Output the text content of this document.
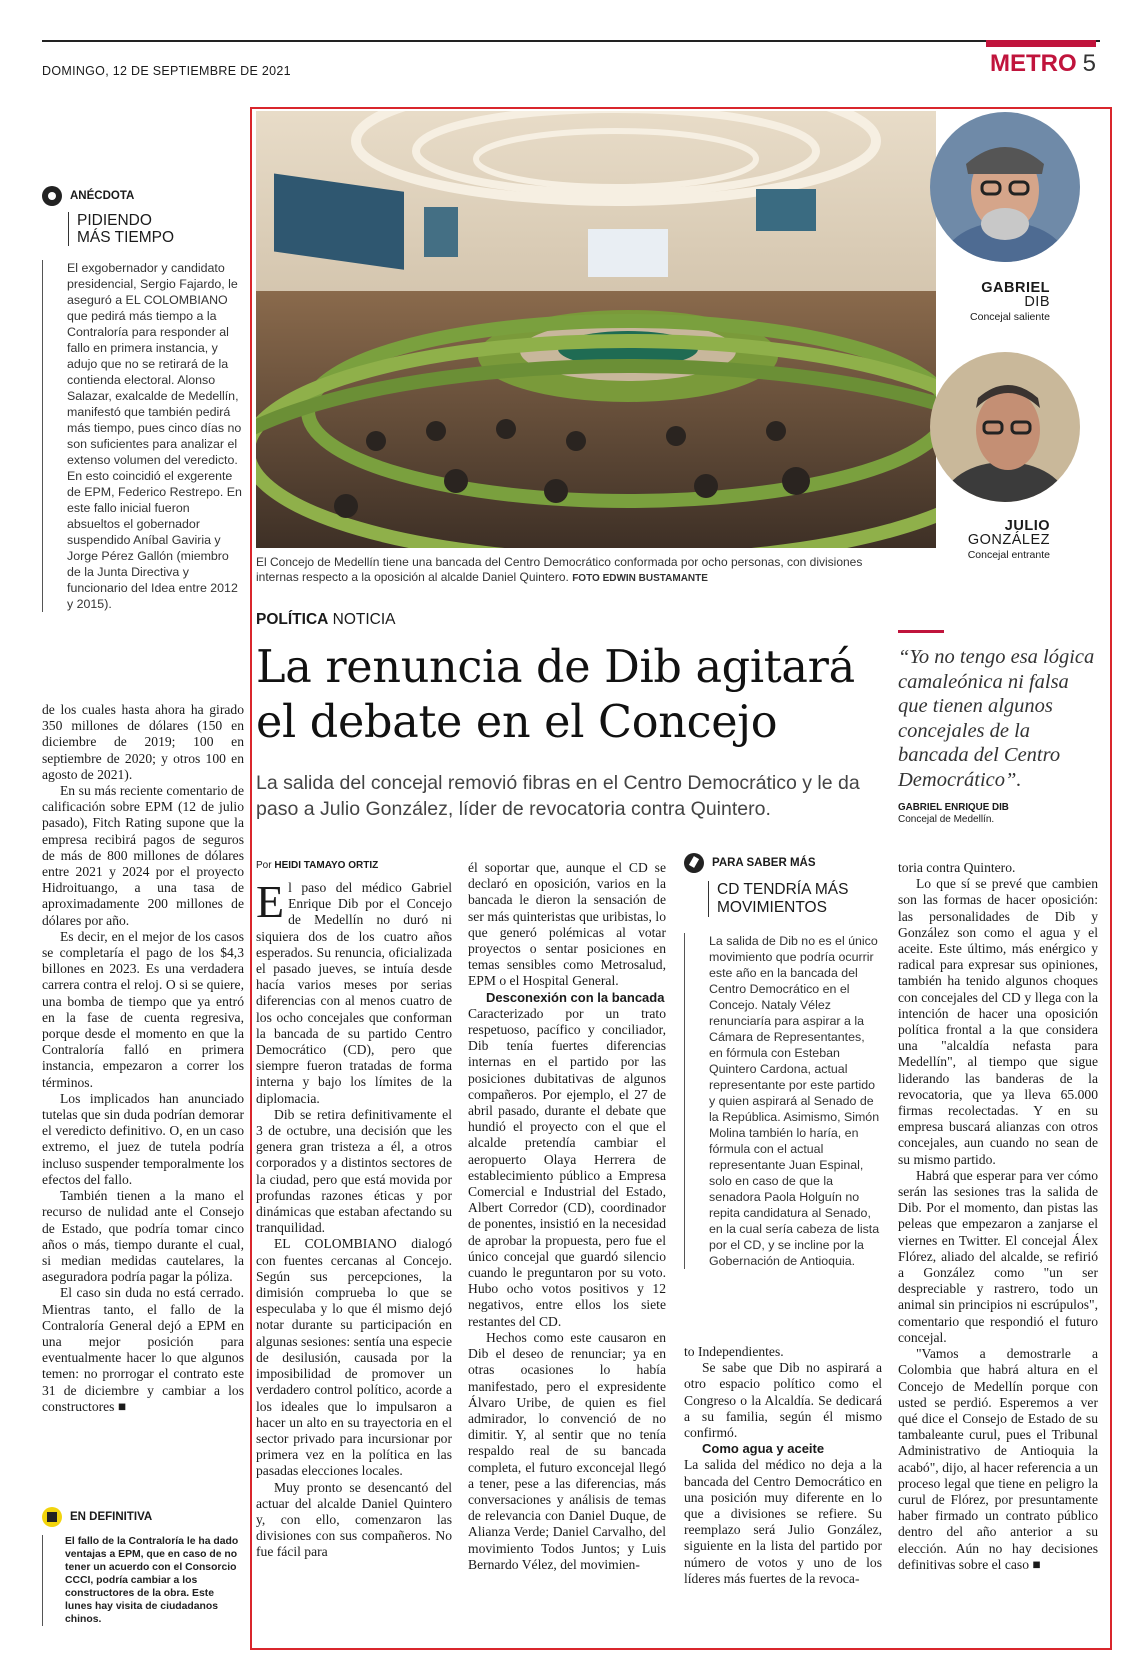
DOMINGO, 12 DE SEPTIEMBRE DE 2021	METRO 5
ANÉCDOTA
PIDIENDO
MÁS TIEMPO
El exgobernador y candidato presidencial, Sergio Fajardo, le aseguró a EL COLOMBIANO que pedirá más tiempo a la Contraloría para responder al fallo en primera instancia, y adujo que no se retirará de la contienda electoral. Alonso Salazar, exalcalde de Medellín, manifestó que también pedirá más tiempo, pues cinco días no son suficientes para analizar el extenso volumen del veredicto. En esto coincidió el exgerente de EPM, Federico Restrepo. En este fallo inicial fueron absueltos el gobernador suspendido Aníbal Gaviria y Jorge Pérez Gallón (miembro de la Junta Directiva y funcionario del Idea entre 2012 y 2015).

de los cuales hasta ahora ha girado 350 millones de dólares (150 en diciembre de 2019; 100 en septiembre de 2020; y otros 100 en agosto de 2021).

En su más reciente comentario de calificación sobre EPM (12 de julio pasado), Fitch Rating supone que la empresa recibirá pagos de seguros de más de 800 millones de dólares entre 2021 y 2024 por el proyecto Hidroituango, a una tasa de aproximadamente 200 millones de dólares por año.

Es decir, en el mejor de los casos se completaría el pago de los $4,3 billones en 2023. Es una verdadera carrera contra el reloj. O si se quiere, una bomba de tiempo que ya entró en la fase de cuenta regresiva, porque desde el momento en que la Contraloría falló en primera instancia, empezaron a correr los términos.

Los implicados han anunciado tutelas que sin duda podrían demorar el veredicto definitivo. O, en un caso extremo, el juez de tutela podría incluso suspender temporalmente los efectos del fallo.

También tienen a la mano el recurso de nulidad ante el Consejo de Estado, que podría tomar cinco años o más, tiempo durante el cual, si median medidas cautelares, la aseguradora podría pagar la póliza.

El caso sin duda no está cerrado. Mientras tanto, el fallo de la Contraloría General dejó a EPM en una mejor posición para eventualmente hacer lo que algunos temen: no prorrogar el contrato este 31 de diciembre y cambiar a los constructores ■

EN DEFINITIVA
El fallo de la Contraloría le ha dado ventajas a EPM, que en caso de no tener un acuerdo con el Consorcio CCCI, podría cambiar a los constructores de la obra. Este lunes hay visita de ciudadanos chinos.
El Concejo de Medellín tiene una bancada del Centro Democrático conformada por ocho personas, con divisiones internas respecto a la oposición al alcalde Daniel Quintero. FOTO EDWIN BUSTAMANTE
GABRIEL
DIB
Concejal saliente
JULIO
GONZÁLEZ
Concejal entrante
POLÍTICA NOTICIA
La renuncia de Dib agitará el debate en el Concejo
La salida del concejal removió fibras en el Centro Democrático y le da paso a Julio González, líder de revocatoria contra Quintero.
“Yo no tengo esa lógica camaleónica ni falsa que tienen algunos concejales de la bancada del Centro Democrático”.
GABRIEL ENRIQUE DIB
Concejal de Medellín.
Por HEIDI TAMAYO ORTIZ

El paso del médico Gabriel Enrique Dib por el Concejo de Medellín no duró ni siquiera dos de los cuatro años esperados. Su renuncia, oficializada el pasado jueves, se intuía desde hacía varios meses por serias diferencias con al menos cuatro de los ocho concejales que conforman la bancada de su partido Centro Democrático (CD), pero que siempre fueron tratadas de forma interna y bajo los límites de la diplomacia.

Dib se retira definitivamente el 3 de octubre, una decisión que les genera gran tristeza a él, a otros corporados y a distintos sectores de la ciudad, pero que está movida por profundas razones éticas y por dinámicas que estaban afectando su tranquilidad.

EL COLOMBIANO dialogó con fuentes cercanas al Concejo. Según sus percepciones, la dimisión comprueba lo que se especulaba y lo que él mismo dejó notar durante su participación en algunas sesiones: sentía una especie de desilusión, causada por la imposibilidad de promover un verdadero control político, acorde a los ideales que lo impulsaron a hacer un alto en su trayectoria en el sector privado para incursionar por primera vez en la política en las pasadas elecciones locales.

Muy pronto se desencantó del actuar del alcalde Daniel Quintero y, con ello, comenzaron las divisiones con sus compañeros. No fue fácil para

él soportar que, aunque el CD se declaró en oposición, varios en la bancada le dieron la sensación de ser más quinteristas que uribistas, lo que generó polémicas al votar proyectos o sentar posiciones en temas sensibles como Metrosalud, EPM o el Hospital General.

Desconexión con la bancada

Caracterizado por un trato respetuoso, pacífico y conciliador, Dib tenía fuertes diferencias internas en el partido por las posiciones dubitativas de algunos compañeros. Por ejemplo, el 27 de abril pasado, durante el debate que hundió el proyecto con el que el alcalde pretendía cambiar el aeropuerto Olaya Herrera de establecimiento público a Empresa Comercial e Industrial del Estado, Albert Corredor (CD), coordinador de ponentes, insistió en la necesidad de aprobar la propuesta, pero fue el único concejal que guardó silencio cuando le preguntaron por su voto. Hubo ocho votos positivos y 12 negativos, entre ellos los siete restantes del CD.

Hechos como este causaron en Dib el deseo de renunciar; ya en otras ocasiones lo había manifestado, pero el expresidente Álvaro Uribe, de quien es fiel admirador, lo convenció de no dimitir. Y, al sentir que no tenía respaldo real de su bancada completa, el futuro exconcejal llegó a tener, pese a las diferencias, más conversaciones y análisis de temas de relevancia con Daniel Duque, de Alianza Verde; Daniel Carvalho, del movimiento Todos Juntos; y Luis Bernardo Vélez, del movimien-

PARA SABER MÁS
CD TENDRÍA MÁS MOVIMIENTOS
La salida de Dib no es el único movimiento que podría ocurrir este año en la bancada del Centro Democrático en el Concejo. Nataly Vélez renunciaría para aspirar a la Cámara de Representantes, en fórmula con Esteban Quintero Cardona, actual representante por este partido y quien aspirará al Senado de la República. Asimismo, Simón Molina también lo haría, en fórmula con el actual representante Juan Espinal, solo en caso de que la senadora Paola Holguín no repita candidatura al Senado, en la cual sería cabeza de lista por el CD, y se incline por la Gobernación de Antioquia.

to Independientes.

Se sabe que Dib no aspirará a otro espacio político como el Congreso o la Alcaldía. Se dedicará a su familia, según él mismo confirmó.

Como agua y aceite

La salida del médico no deja a la bancada del Centro Democrático en una posición muy diferente en lo que a divisiones se refiere. Su reemplazo será Julio González, siguiente en la lista del partido por número de votos y uno de los líderes más fuertes de la revoca-

toria contra Quintero.

Lo que sí se prevé que cambien son las formas de hacer oposición: las personalidades de Dib y González son como el agua y el aceite. Este último, más enérgico y radical para expresar sus opiniones, también ha tenido algunos choques con concejales del CD y llega con la intención de hacer una oposición política frontal a la que considera una "alcaldía nefasta para Medellín", al tiempo que sigue liderando las banderas de la revocatoria, que ya lleva 65.000 firmas recolectadas. Y en su empresa buscará alianzas con otros concejales, aun cuando no sean de su mismo partido.

Habrá que esperar para ver cómo serán las sesiones tras la salida de Dib. Por el momento, dan pistas las peleas que empezaron a zanjarse el viernes en Twitter. El concejal Álex Flórez, aliado del alcalde, se refirió a González como "un ser despreciable y rastrero, todo un animal sin principios ni escrúpulos", comentario que respondió el futuro concejal.

"Vamos a demostrarle a Colombia que habrá altura en el Concejo de Medellín porque con usted se perdió. Esperemos a ver qué dice el Consejo de Estado de su tambaleante curul, pues el Tribunal Administrativo de Antioquia la acabó", dijo, al hacer referencia a un proceso legal que tiene en peligro la curul de Flórez, por presuntamente haber firmado un contrato público dentro del año anterior a su elección. Aún no hay decisiones definitivas sobre el caso ■
